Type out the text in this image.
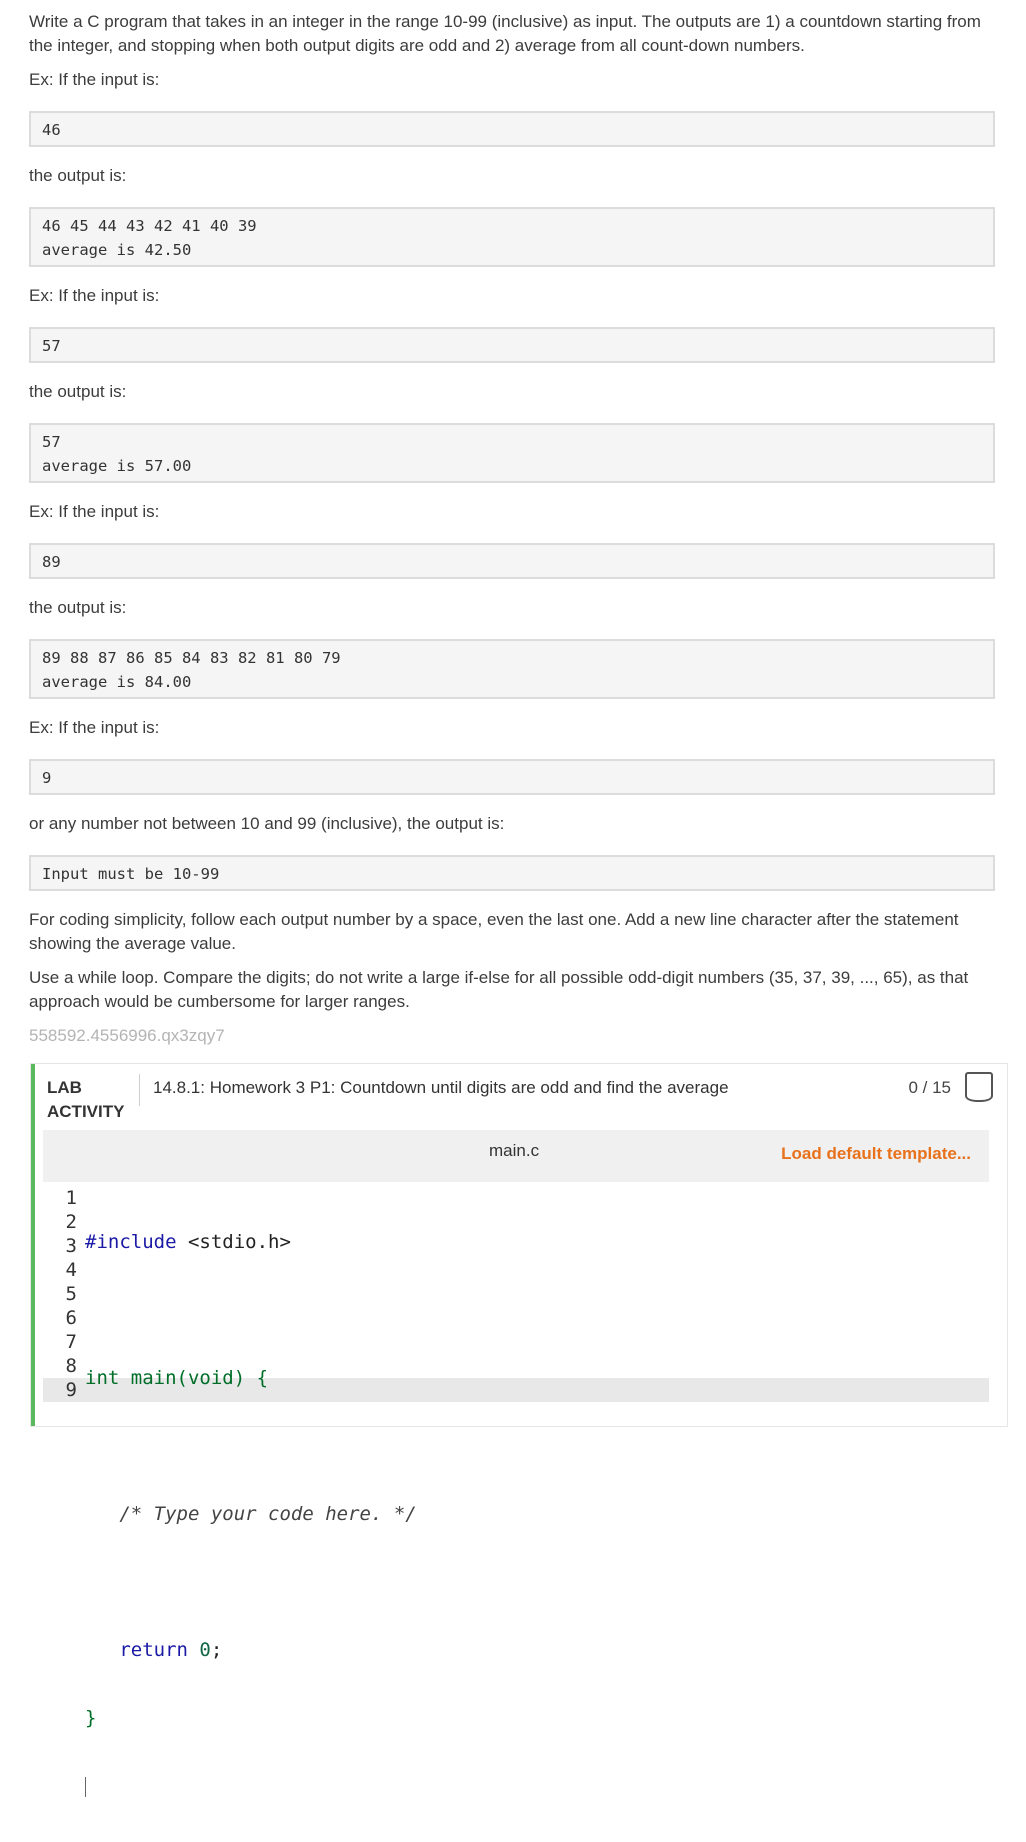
Write a C program that takes in an integer in the range 10-99 (inclusive) as input. The outputs are 1) a countdown starting from the integer, and stopping when both output digits are odd and 2) average from all count-down numbers.

Ex: If the input is:

46

the output is:

46 45 44 43 42 41 40 39
average is 42.50

Ex: If the input is:

57

the output is:

57
average is 57.00

Ex: If the input is:

89

the output is:

89 88 87 86 85 84 83 82 81 80 79
average is 84.00

Ex: If the input is:

9

or any number not between 10 and 99 (inclusive), the output is:

Input must be 10-99

For coding simplicity, follow each output number by a space, even the last one. Add a new line character after the statement showing the average value.

Use a while loop. Compare the digits; do not write a large if-else for all possible odd-digit numbers (35, 37, 39, ..., 65), as that approach would be cumbersome for larger ranges.

558592.4556996.qx3zqy7

LAB ACTIVITY
14.8.1: Homework 3 P1: Countdown until digits are odd and find the average	0 / 15
main.c	Load default template...
1
2
3
4
5
6
7
8
9

#include <stdio.h>

int main(void) {

/* Type your code here. */

return 0;

}
